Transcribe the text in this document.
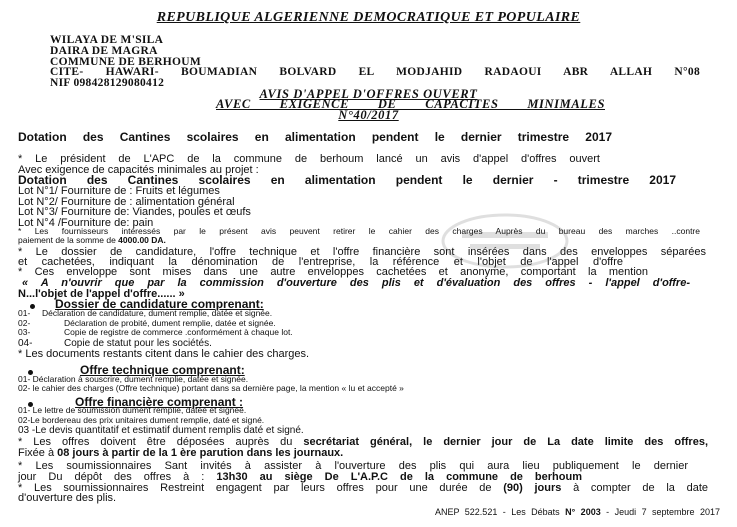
REPUBLIQUE ALGERIENNE DEMOCRATIQUE ET POPULAIRE
WILAYA DE M'SILA
DAIRA DE MAGRA
COMMUNE DE BERHOUM
CITE- HAWARI- BOUMADIAN BOLVARD EL MODJAHID RADAOUI ABR ALLAH N°08
NIF 098428129080412
AVIS D'APPEL D'OFFRES OUVERT
AVEC EXIGENCE DE CAPACITES MINIMALES
N°40/2017
Dotation des Cantines scolaires en alimentation pendent le dernier trimestre 2017
* Le président de L'APC de la commune de berhoum lancé un avis d'appel d'offres ouvert
Avec exigence de capacités minimales au projet :
Dotation des Cantines scolaires en alimentation pendent le dernier - trimestre 2017
Lot N°1/ Fourniture de : Fruits et légumes
Lot N°2/ Fourniture de : alimentation général
Lot N°3/ Fourniture de: Viandes, poules et œufs
Lot N°4 /Fourniture de: pain
* Les fournisseurs intéressés par le présent avis peuvent retirer le cahier des charges Auprès du bureau des marches ..contre
paiement de la somme de 4000.00 DA.
* Le dossier de candidature, l'offre technique et l'offre financière sont insérées dans des enveloppes séparées
et cachetées, indiquant la dénomination de l'entreprise, la référence et l'objet de l'appel d'offre
* Ces enveloppe sont mises dans une autre enveloppes cachetées et anonyme, comportant la mention
« A n'ouvrir que par la commission d'ouverture des plis et d'évaluation des offres - l'appel d'offre-
N...l'objet de l'appel d'offre...... »
Dossier de candidature comprenant:
01- Déclaration de candidature, dument remplie, datée et signée.
02-	Déclaration de probité, dument remplie, datée et signée.
03-	Copie de registre de commerce .conformément à chaque lot.
04-	Copie de statut pour les sociétés.
* Les documents restants citent dans le cahier des charges.
Offre technique comprenant:
01- Déclaration à souscrire, dument remplie, datée et signée.
02- le cahier des charges (Offre technique) portant dans sa dernière page, la mention « lu et accepté »
Offre financière comprenant :
01- Le lettre de soumission dument remplie, datée et signée.
02-Le bordereau des prix unitaires dument remplie, daté et signé.
03 -Le devis quantitatif et estimatif dument remplis daté et signé.
* Les offres doivent être déposées auprès du secrétariat général, le dernier jour de La date limite des offres,
Fixée à 08 jours à partir de la 1 ère parution dans les journaux.
* Les soumissionnaires Sant invités à assister à l'ouverture des plis qui aura lieu publiquement le dernier
jour Du dépôt des offres à : 13h30 au siège De L'A.P.C de la commune de berhoum
* Les soumissionnaires Restreint engagent par leurs offres pour une durée de (90) jours à compter de la date
d'ouverture des plis.
ANEP 522.521 - Les Débats N° 2003 - Jeudi 7 septembre 2017
